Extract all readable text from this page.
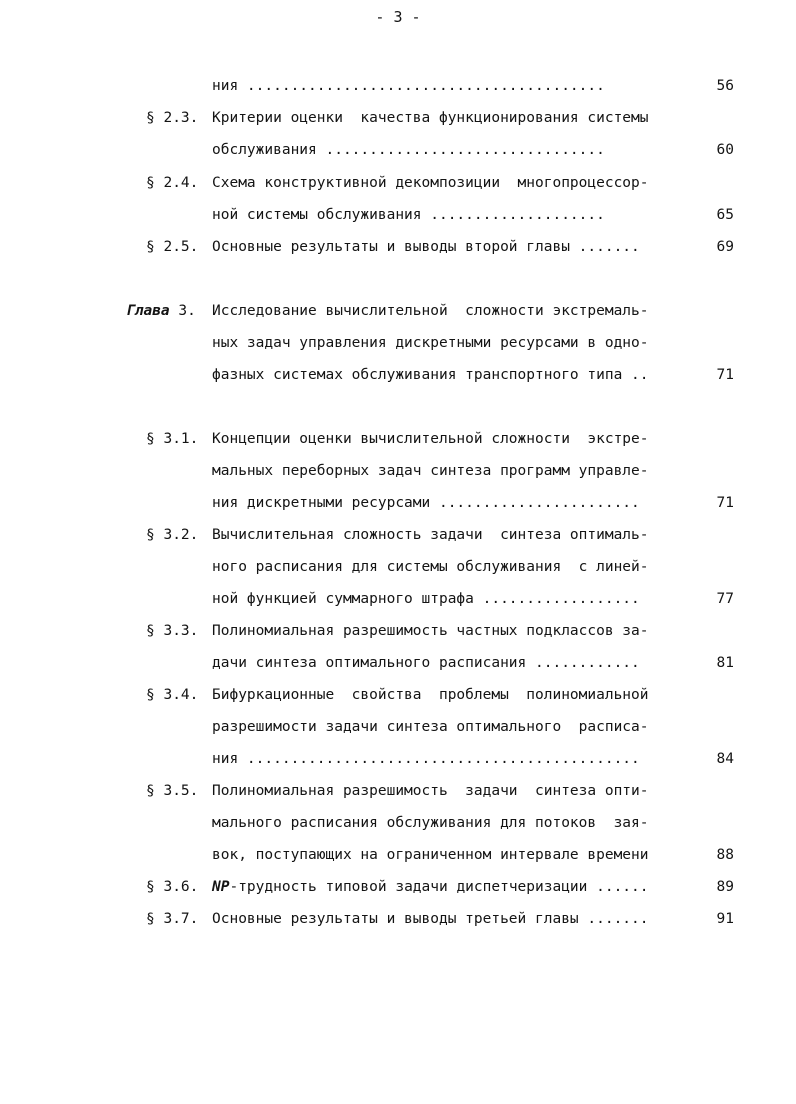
- 3 -
ния .........................................	56
§ 2.3. Критерии оценки  качества функционирования системы
обслуживания ................................	60
§ 2.4. Схема конструктивной декомпозиции  многопроцессор-
ной системы обслуживания ....................	65
§ 2.5. Основные результаты и выводы второй главы .......	69
Глава 3. Исследование вычислительной  сложности экстремаль-
ных задач управления дискретными ресурсами в одно-
фазных системах обслуживания транспортного типа ..	71
§ 3.1. Концепции оценки вычислительной сложности  экстре-
мальных переборных задач синтеза программ управле-
ния дискретными ресурсами .......................	71
§ 3.2. Вычислительная сложность задачи  синтеза оптималь-
ного расписания для системы обслуживания  с линей-
ной функцией суммарного штрафа ..................	77
§ 3.3. Полиномиальная разрешимость частных подклассов за-
дачи синтеза оптимального расписания ............	81
§ 3.4. Бифуркационные  свойства  проблемы  полиномиальной
разрешимости задачи синтеза оптимального  расписа-
ния .............................................	84
§ 3.5. Полиномиальная разрешимость  задачи  синтеза опти-
мального расписания обслуживания для потоков  зая-
вок, поступающих на ограниченном интервале времени	88
§ 3.6. NP-трудность типовой задачи диспетчеризации ......	89
§ 3.7. Основные результаты и выводы третьей главы .......	91
